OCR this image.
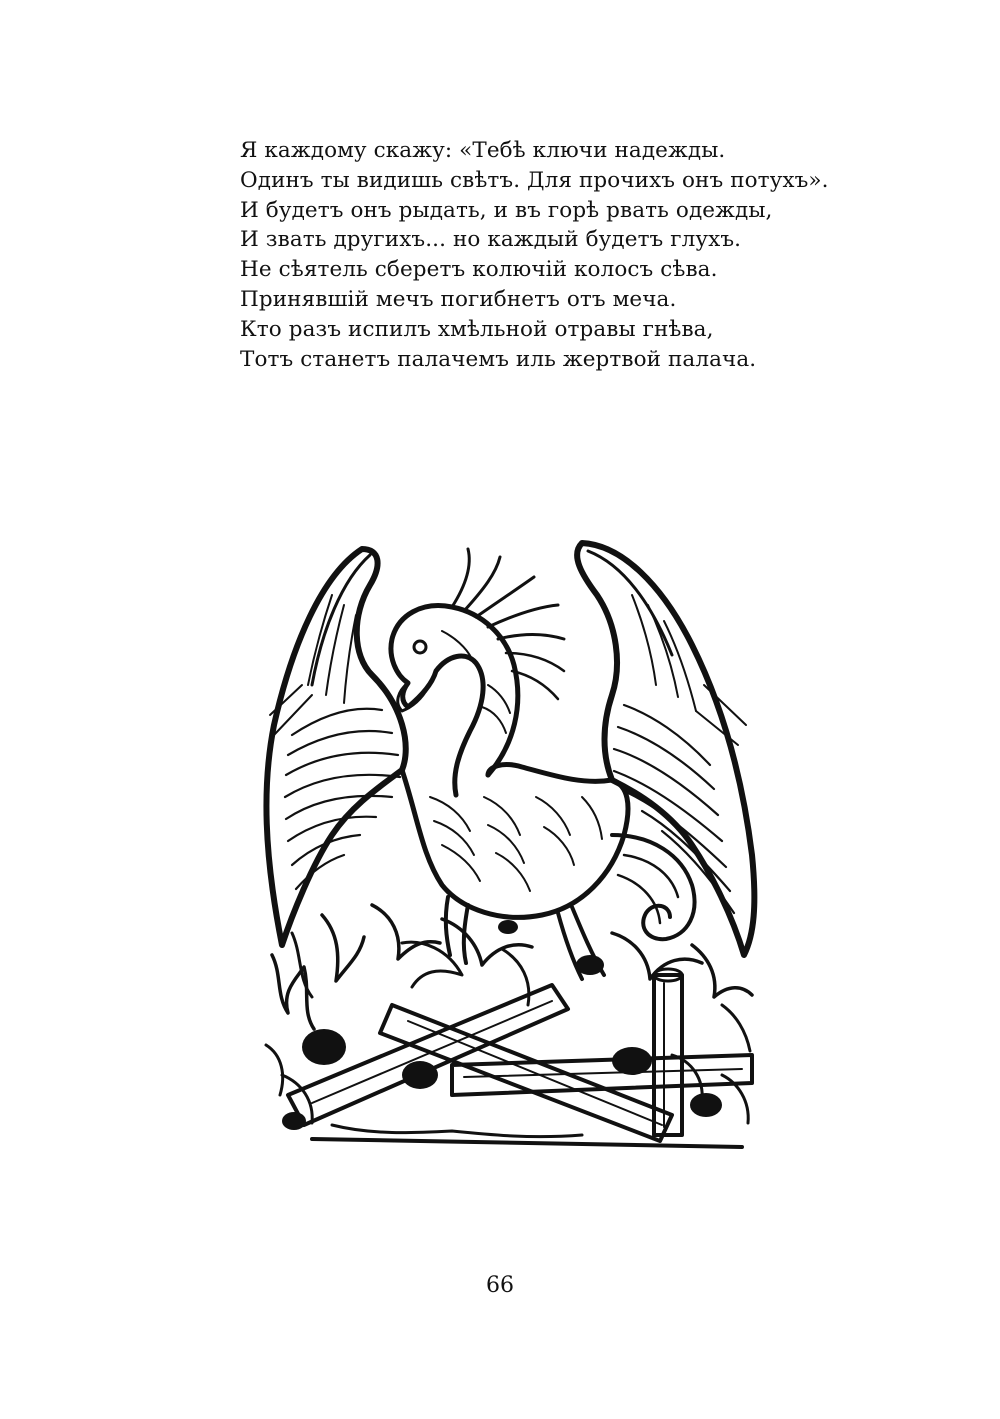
Я каждому скажу: «Тебѣ ключи надежды.
Одинъ ты видишь свѣтъ. Для прочихъ онъ потухъ».
И будетъ онъ рыдать, и въ горѣ рвать одежды,
И звать другихъ... но каждый будетъ глухъ.
Не сѣятель сберетъ колючій колосъ сѣва.
Принявшій мечъ погибнетъ отъ меча.
Кто разъ испилъ хмѣльной отравы гнѣва,
Тотъ станетъ палачемъ иль жертвой палача.
66
